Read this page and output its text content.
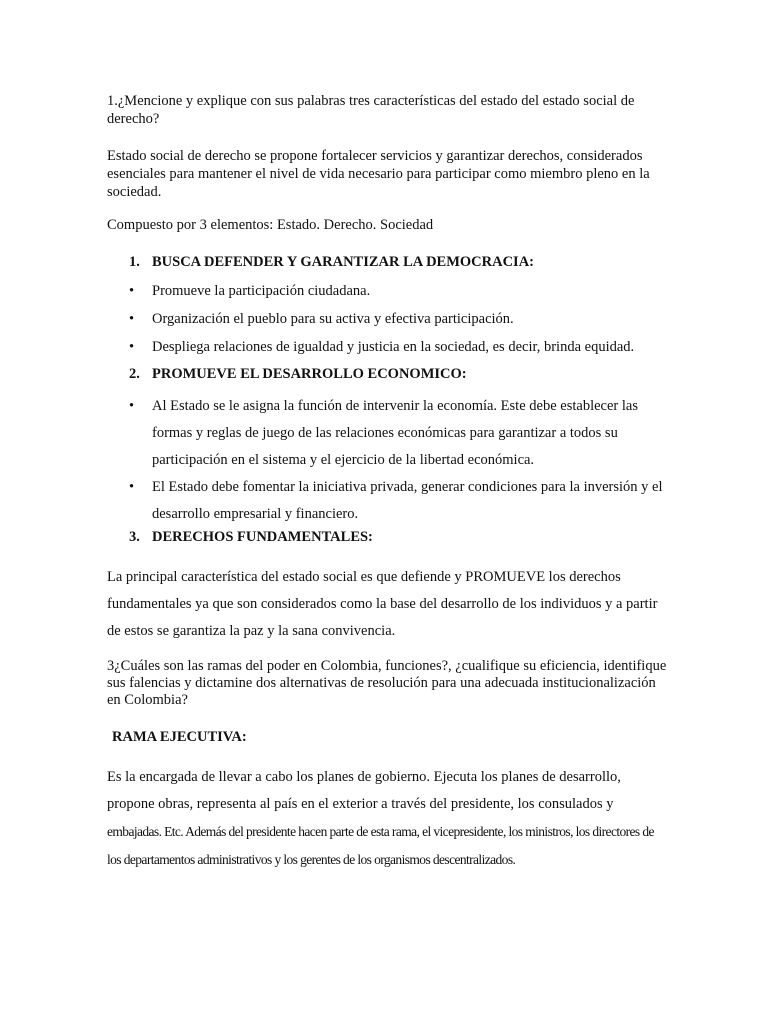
1.¿Mencione y explique con sus palabras tres características del estado del estado social de derecho?
Estado social de derecho se propone fortalecer servicios y garantizar derechos, considerados esenciales para mantener el nivel de vida necesario para participar como miembro pleno en la sociedad.
Compuesto por 3 elementos: Estado. Derecho. Sociedad
1. BUSCA DEFENDER Y GARANTIZAR LA DEMOCRACIA:
• Promueve la participación ciudadana.
• Organización el pueblo para su activa y efectiva participación.
• Despliega relaciones de igualdad y justicia en la sociedad, es decir, brinda equidad.
2. PROMUEVE EL DESARROLLO ECONOMICO:
• Al Estado se le asigna la función de intervenir la economía. Este debe establecer las formas y reglas de juego de las relaciones económicas para garantizar a todos su participación en el sistema y el ejercicio de la libertad económica.
• El Estado debe fomentar la iniciativa privada, generar condiciones para la inversión y el desarrollo empresarial y financiero.
3. DERECHOS FUNDAMENTALES:
La principal característica del estado social es que defiende y PROMUEVE los derechos fundamentales ya que son considerados como la base del desarrollo de los individuos y a partir de estos se garantiza la paz y la sana convivencia.
3¿Cuáles son las ramas del poder en Colombia, funciones?, ¿cualifique su eficiencia, identifique sus falencias y dictamine dos alternativas de resolución para una adecuada institucionalización en Colombia?
RAMA EJECUTIVA:
Es la encargada de llevar a cabo los planes de gobierno. Ejecuta los planes de desarrollo, propone obras, representa al país en el exterior a través del presidente, los consulados y embajadas. Etc. Además del presidente hacen parte de esta rama, el vicepresidente, los ministros, los directores de los departamentos administrativos y los gerentes de los organismos descentralizados.
